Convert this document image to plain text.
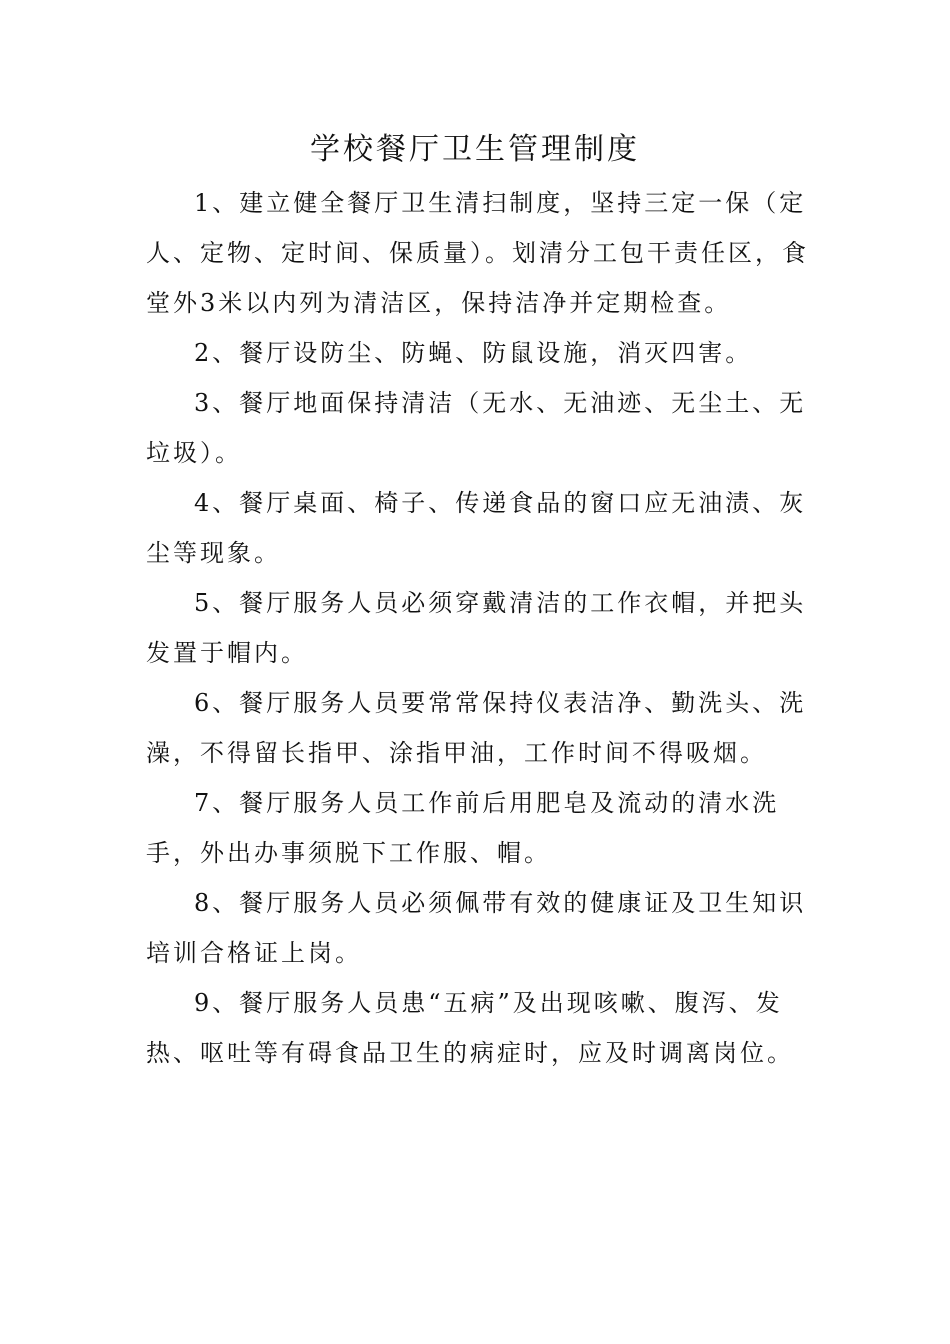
学校餐厅卫生管理制度

1、建立健全餐厅卫生清扫制度，坚持三定一保（定人、定物、定时间、保质量）。划清分工包干责任区，食堂外3米以内列为清洁区，保持洁净并定期检查。

2、餐厅设防尘、防蝇、防鼠设施，消灭四害。

3、餐厅地面保持清洁（无水、无油迹、无尘土、无垃圾）。

4、餐厅桌面、椅子、传递食品的窗口应无油渍、灰尘等现象。

5、餐厅服务人员必须穿戴清洁的工作衣帽，并把头发置于帽内。

6、餐厅服务人员要常常保持仪表洁净、勤洗头、洗澡，不得留长指甲、涂指甲油，工作时间不得吸烟。

7、餐厅服务人员工作前后用肥皂及流动的清水洗手，外出办事须脱下工作服、帽。

8、餐厅服务人员必须佩带有效的健康证及卫生知识培训合格证上岗。

9、餐厅服务人员患“五病”及出现咳嗽、腹泻、发热、呕吐等有碍食品卫生的病症时，应及时调离岗位。
